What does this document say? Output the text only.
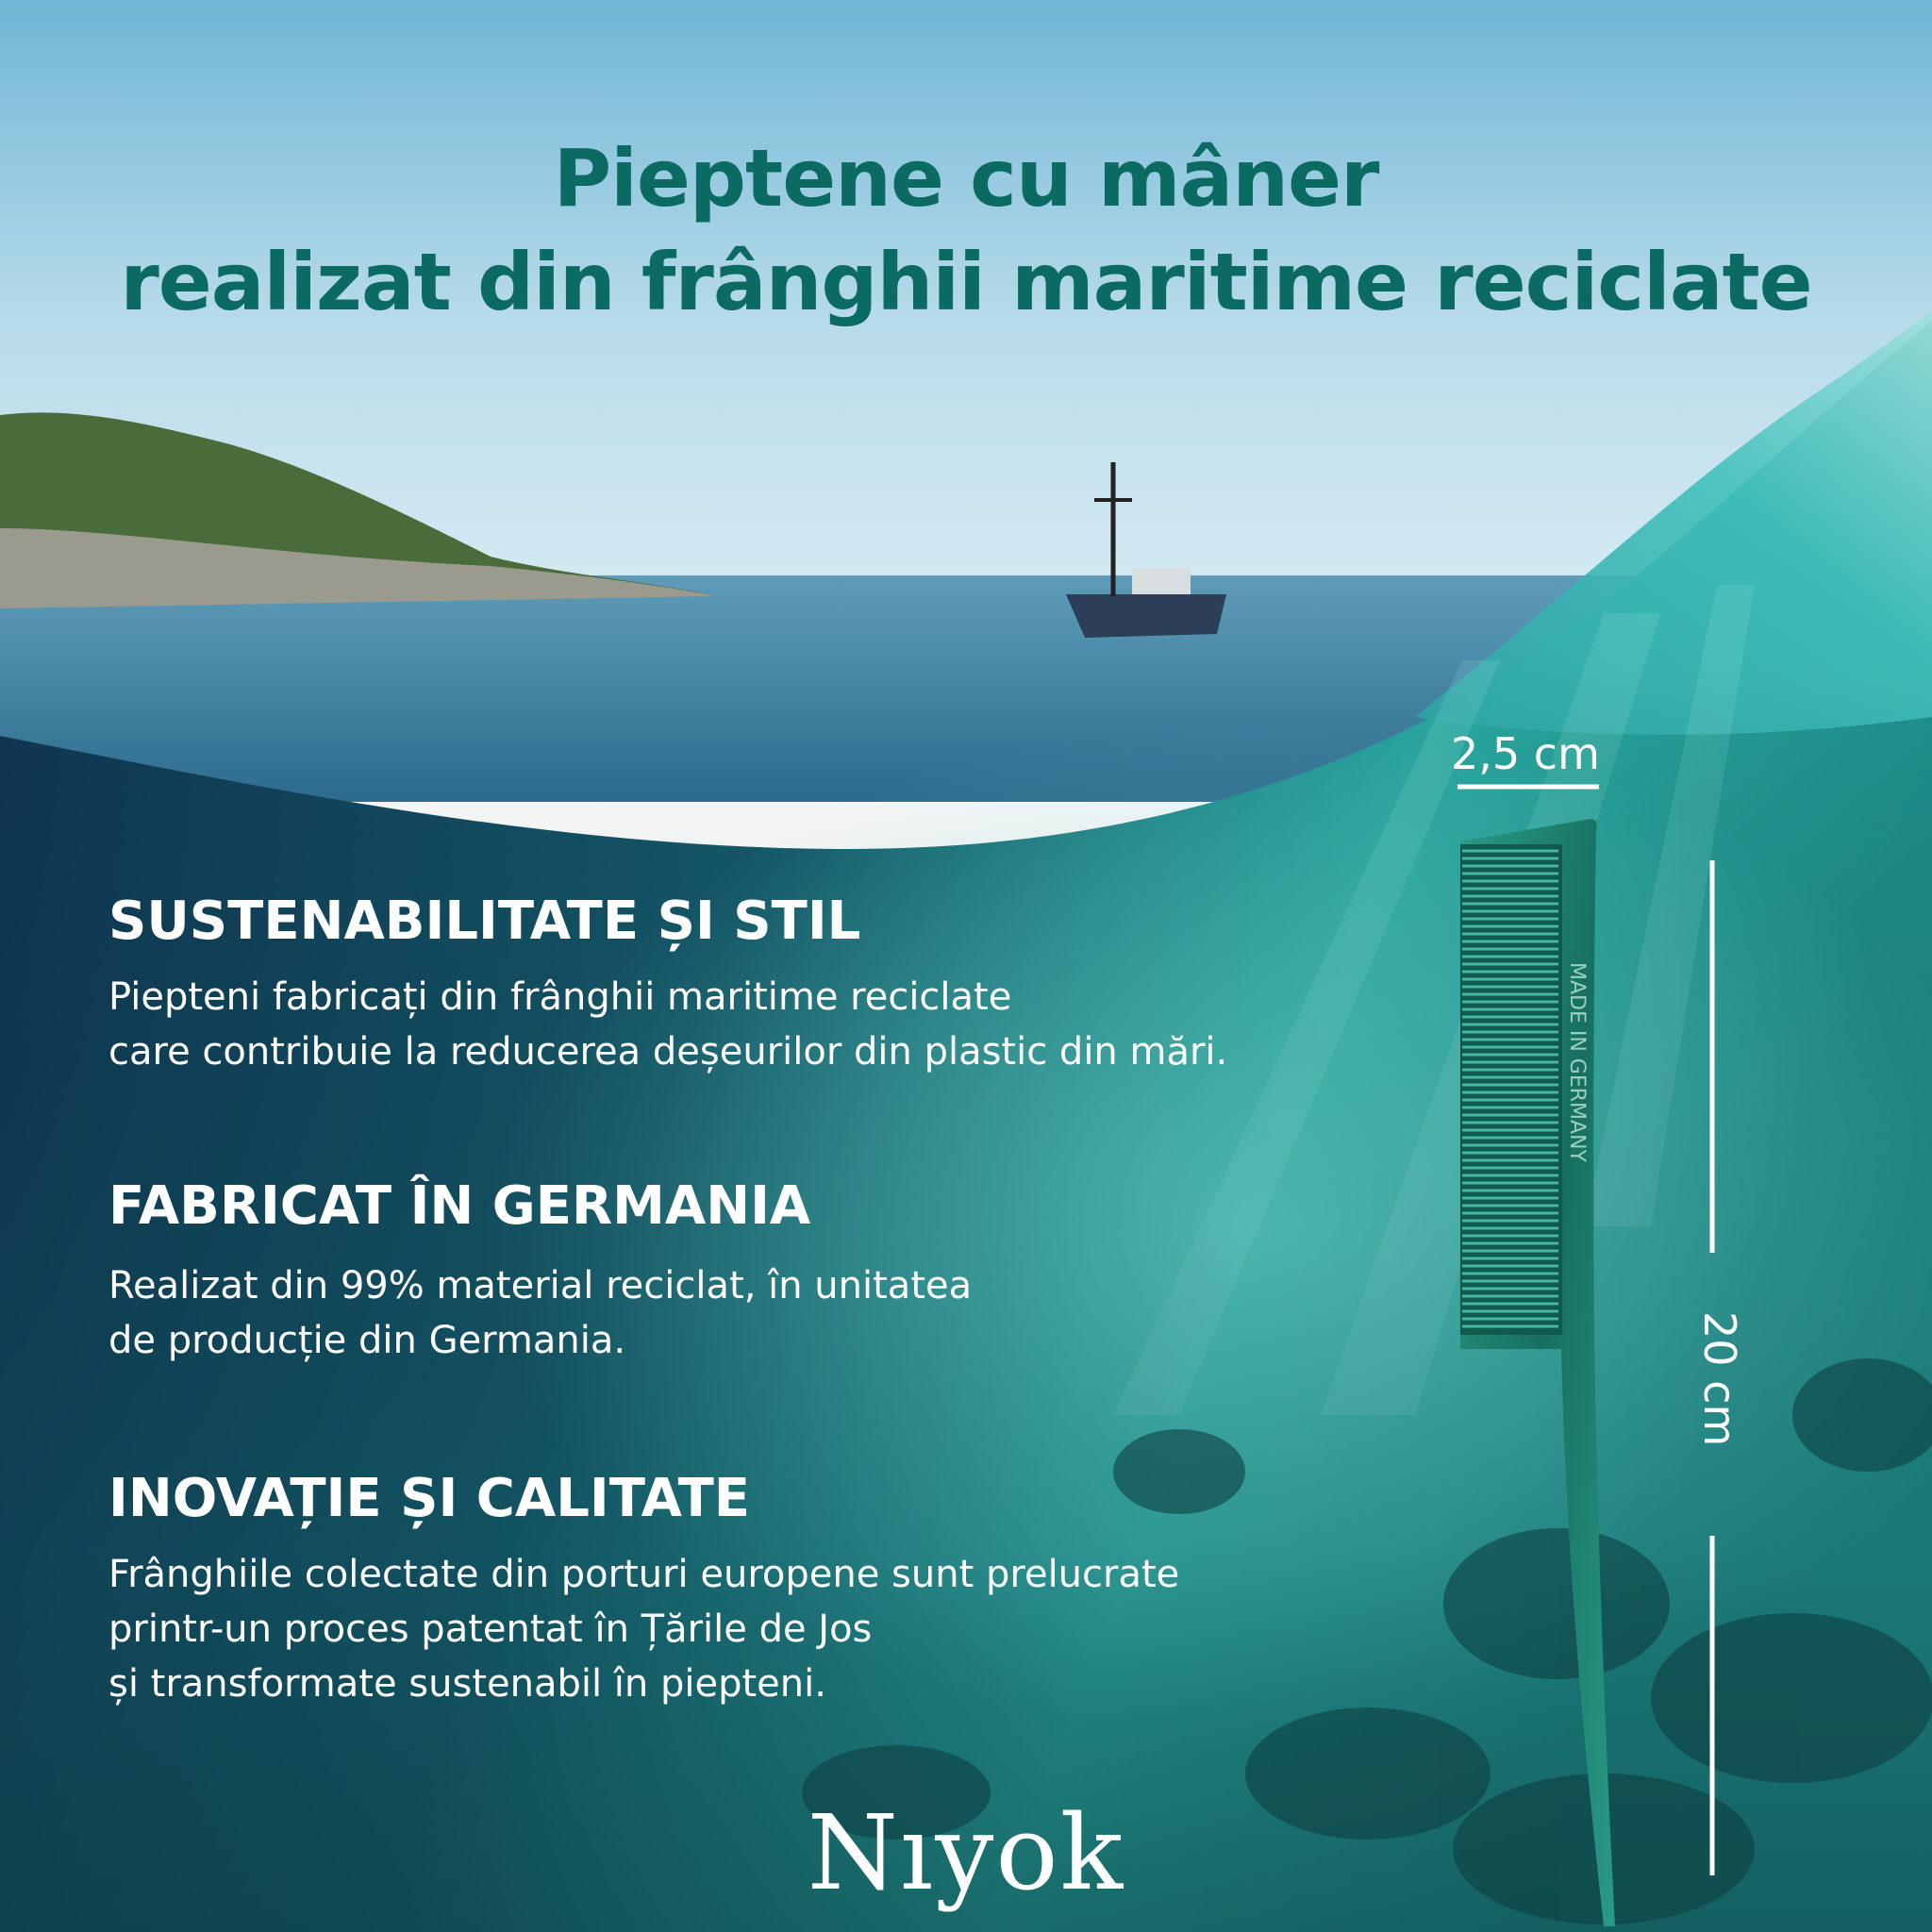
MADE IN GERMANY
Pieptene cu mâner
realizat din frânghii maritime reciclate
SUSTENABILITATE ȘI STIL
Piepteni fabricați din frânghii maritime reciclate
care contribuie la reducerea deșeurilor din plastic din mări.
FABRICAT ÎN GERMANIA
Realizat din 99% material reciclat, în unitatea
de producție din Germania.
INOVAȚIE ȘI CALITATE
Frânghiile colectate din porturi europene sunt prelucrate
printr-un proces patentat în Țările de Jos
și transformate sustenabil în piepteni.
2,5 cm
20 cm
Nıyok
